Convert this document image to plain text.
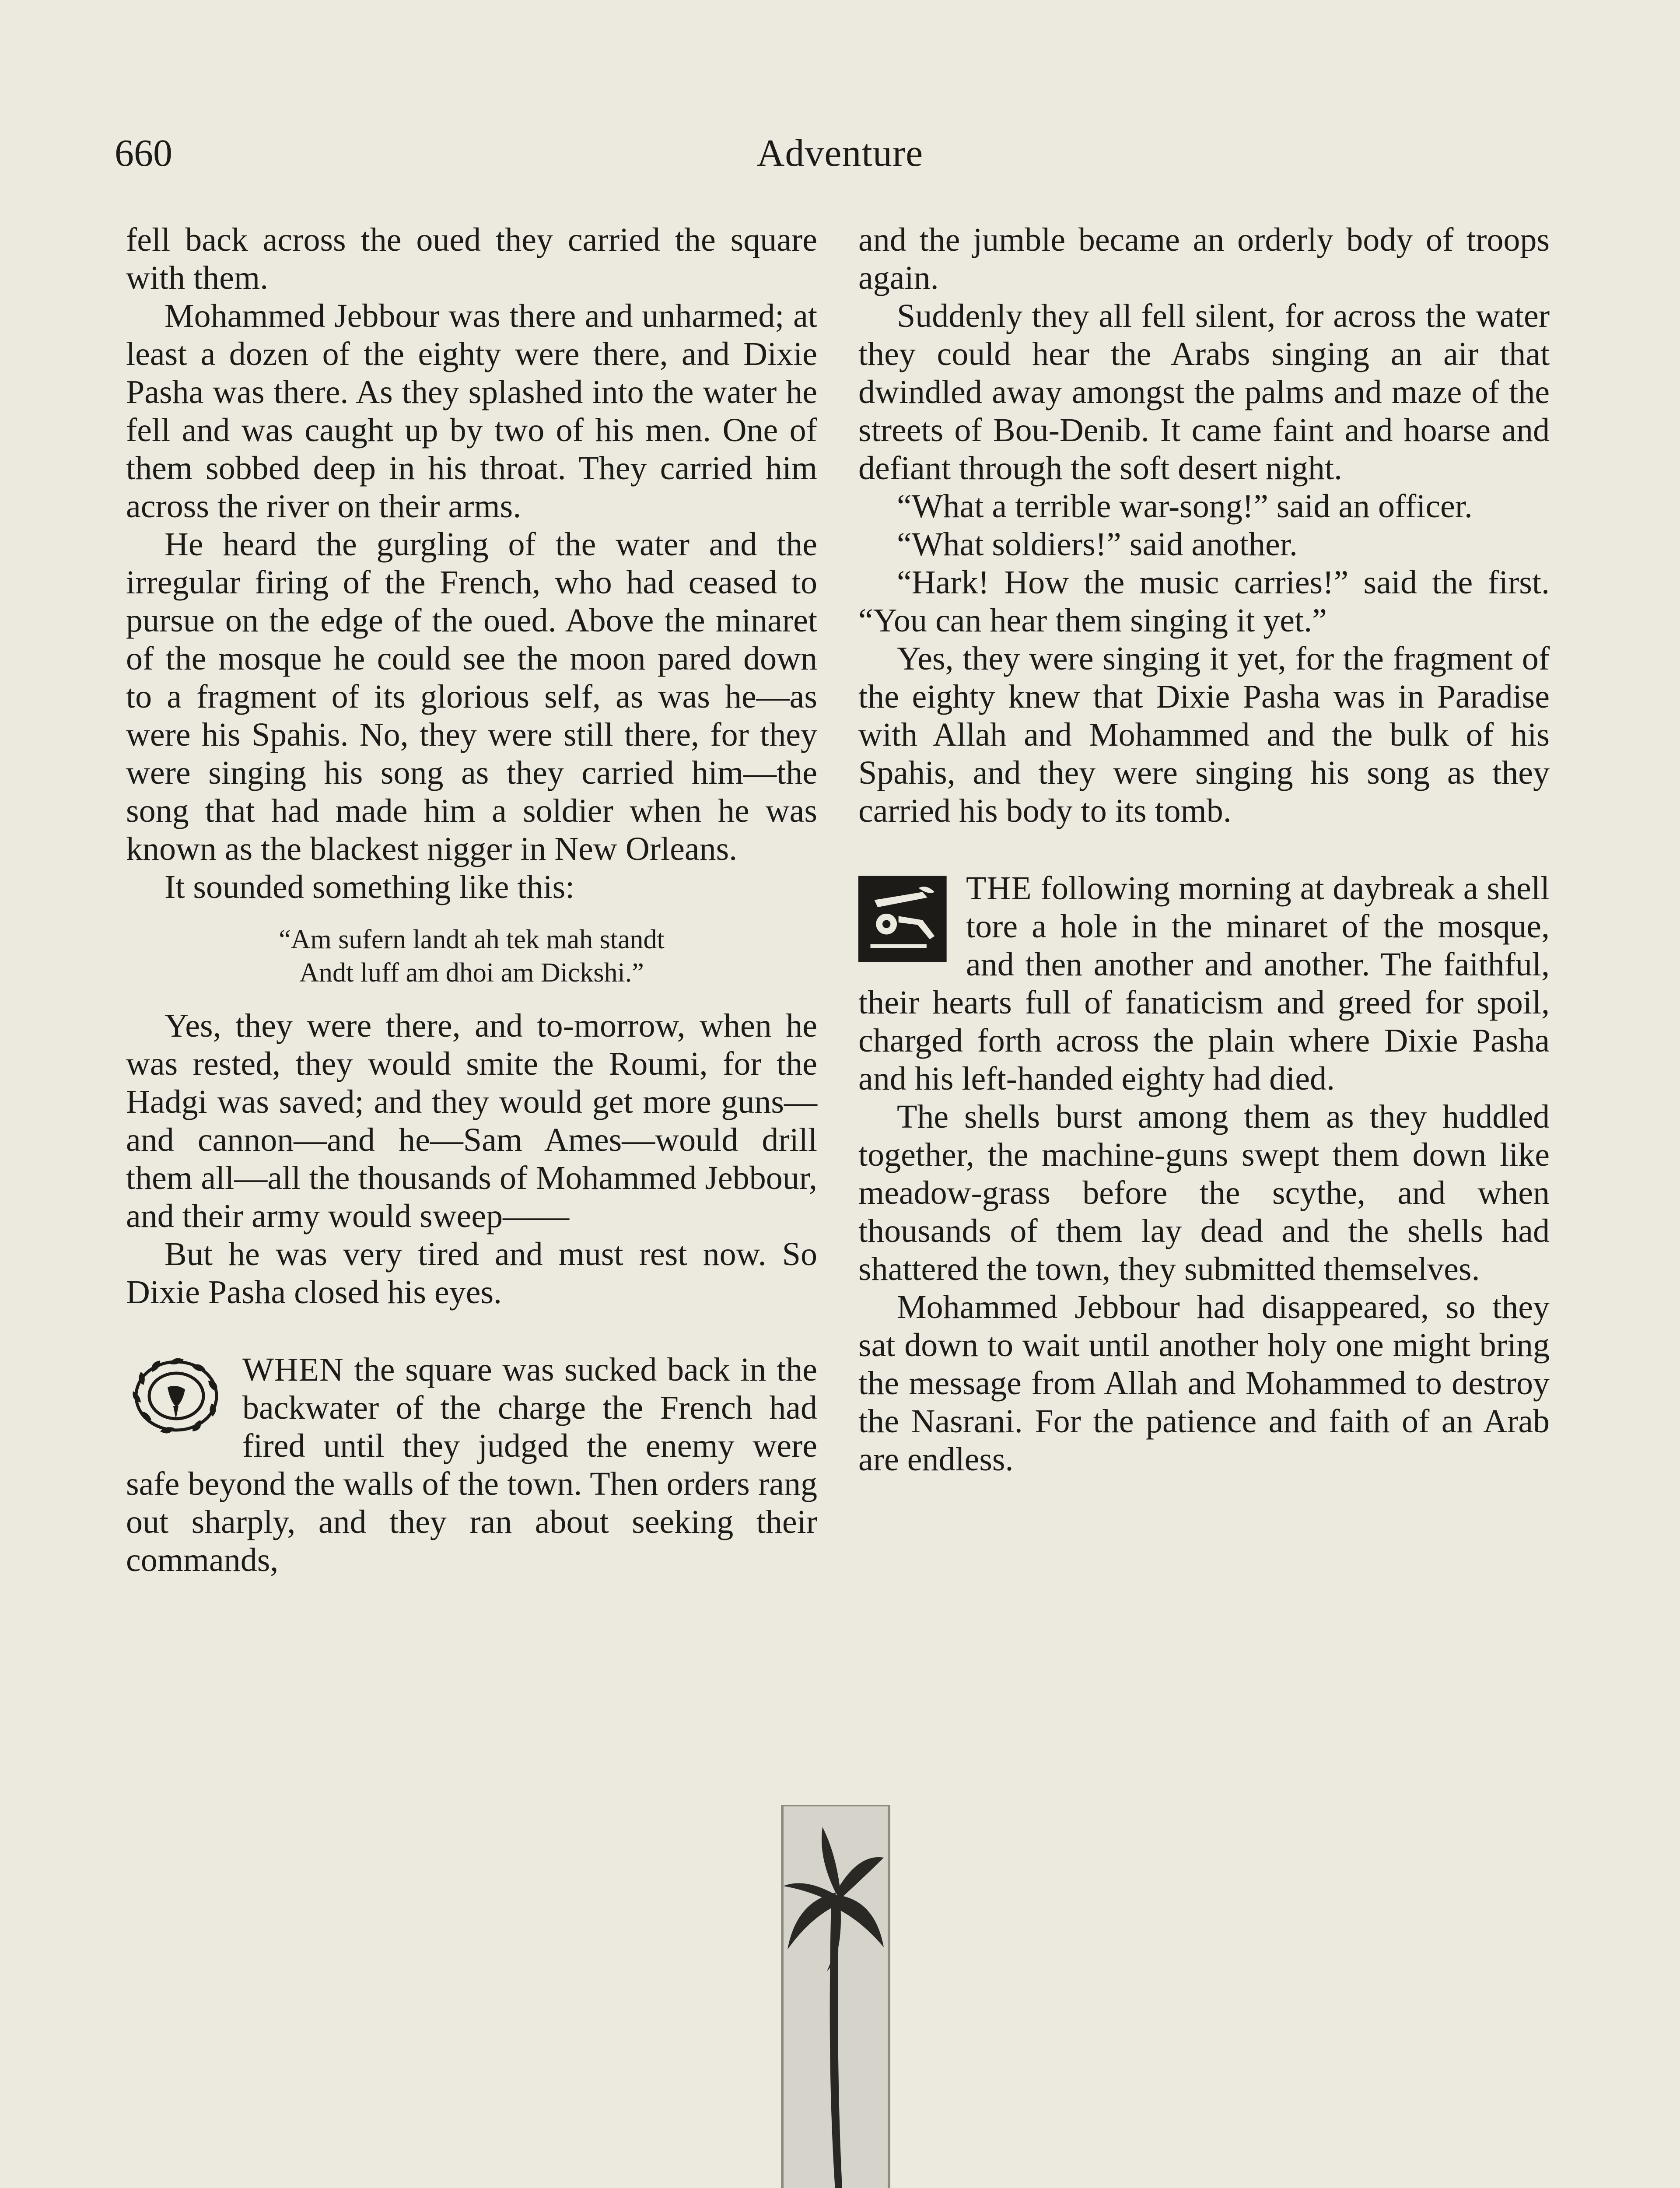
Adventure
660

fell back across the oued they carried the square with them.

Mohammed Jebbour was there and unharmed; at least a dozen of the eighty were there, and Dixie Pasha was there. As they splashed into the water he fell and was caught up by two of his men. One of them sobbed deep in his throat. They carried him across the river on their arms.

He heard the gurgling of the water and the irregular firing of the French, who had ceased to pursue on the edge of the oued. Above the minaret of the mosque he could see the moon pared down to a fragment of its glorious self, as was he—as were his Spahis. No, they were still there, for they were singing his song as they carried him—the song that had made him a soldier when he was known as the blackest nigger in New Orleans.

It sounded something like this:

“Am sufern landt ah tek mah standt
Andt luff am dhoi am Dickshi.”

Yes, they were there, and to-morrow, when he was rested, they would smite the Roumi, for the Hadgi was saved; and they would get more guns—and cannon—and he—Sam Ames—would drill them all—all the thousands of Mohammed Jebbour, and their army would sweep——

But he was very tired and must rest now. So Dixie Pasha closed his eyes.

WHEN the square was sucked back in the backwater of the charge the French had fired until they judged the enemy were safe beyond the walls of the town. Then orders rang out sharply, and they ran about seeking their commands,

and the jumble became an orderly body of troops again.

Suddenly they all fell silent, for across the water they could hear the Arabs singing an air that dwindled away amongst the palms and maze of the streets of Bou-Denib. It came faint and hoarse and defiant through the soft desert night.

“What a terrible war-song!” said an officer.

“What soldiers!” said another.

“Hark! How the music carries!” said the first. “You can hear them singing it yet.”

Yes, they were singing it yet, for the fragment of the eighty knew that Dixie Pasha was in Paradise with Allah and Mohammed and the bulk of his Spahis, and they were singing his song as they carried his body to its tomb.

THE following morning at daybreak a shell tore a hole in the minaret of the mosque, and then another and another. The faithful, their hearts full of fanaticism and greed for spoil, charged forth across the plain where Dixie Pasha and his left-handed eighty had died.

The shells burst among them as they huddled together, the machine-guns swept them down like meadow-grass before the scythe, and when thousands of them lay dead and the shells had shattered the town, they submitted themselves.

Mohammed Jebbour had disappeared, so they sat down to wait until another holy one might bring the message from Allah and Mohammed to destroy the Nasrani. For the patience and faith of an Arab are endless.
